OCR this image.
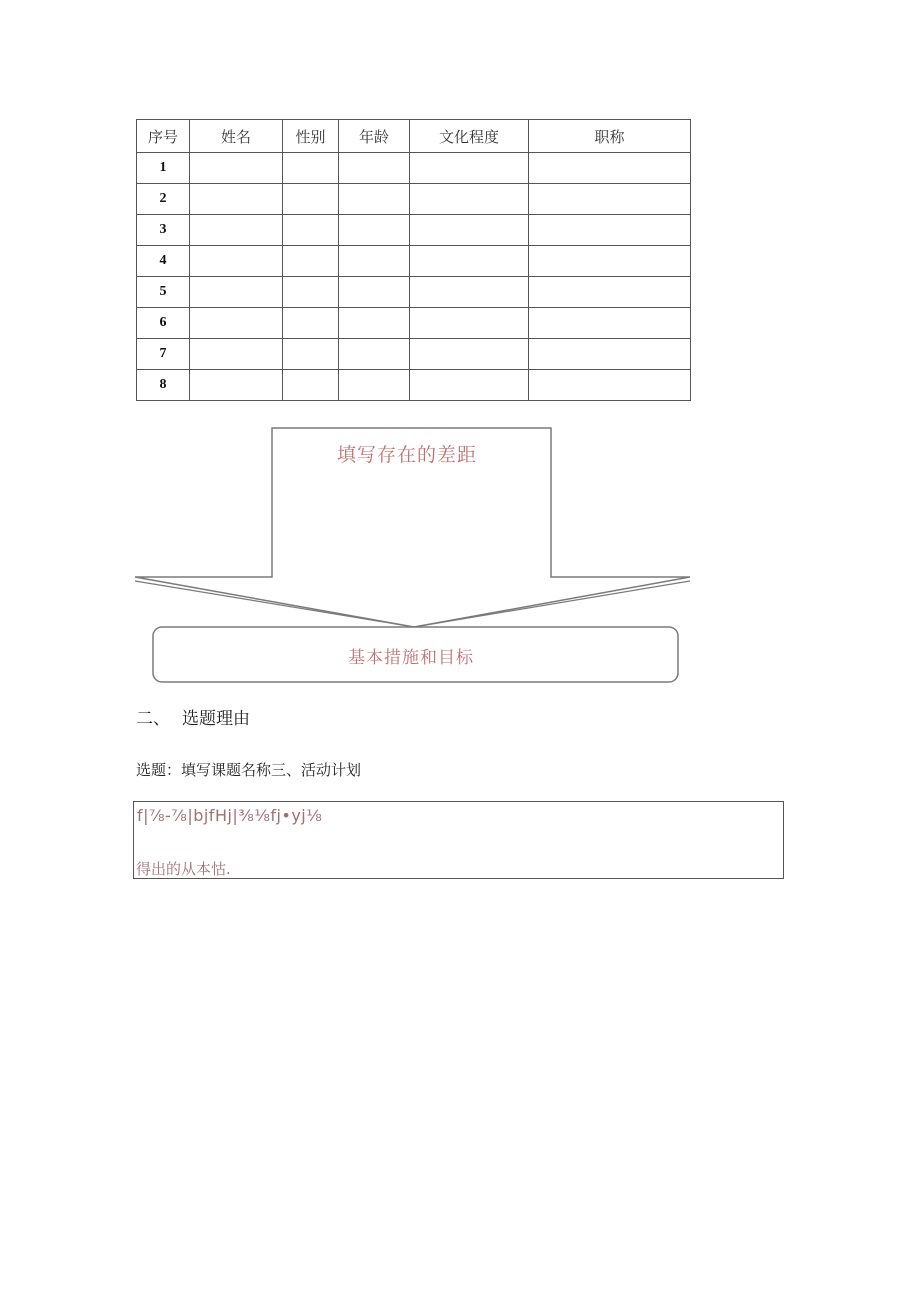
序号	姓名	性别	年龄	文化程度	职称
1					
2					
3					
4					
5					
6					
7					
8					
填写存在的差距
基本措施和目标
二、 选题理由
选题：填写课题名称三、活动计划
f|⅞-⅞|bjfHj|⅜⅛fj•yj⅛
得出的从本怙.
